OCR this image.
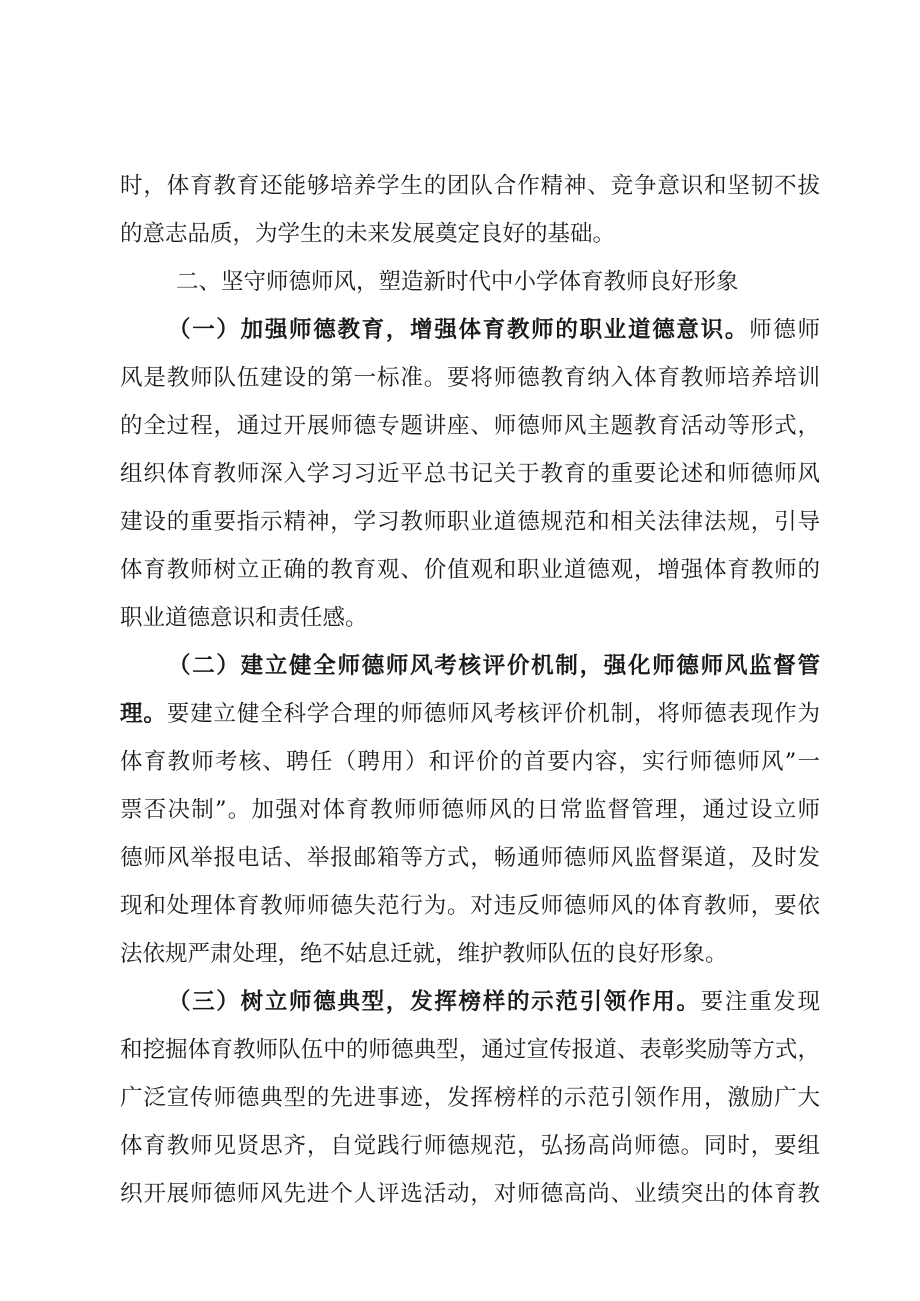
时，体育教育还能够培养学生的团队合作精神、竞争意识和坚韧不拔
的意志品质，为学生的未来发展奠定良好的基础。
二、坚守师德师风，塑造新时代中小学体育教师良好形象
（一）加强师德教育，增强体育教师的职业道德意识。师德师
风是教师队伍建设的第一标准。要将师德教育纳入体育教师培养培训
的全过程，通过开展师德专题讲座、师德师风主题教育活动等形式，
组织体育教师深入学习习近平总书记关于教育的重要论述和师德师风
建设的重要指示精神，学习教师职业道德规范和相关法律法规，引导
体育教师树立正确的教育观、价值观和职业道德观，增强体育教师的
职业道德意识和责任感。
（二）建立健全师德师风考核评价机制，强化师德师风监督管
理。要建立健全科学合理的师德师风考核评价机制，将师德表现作为
体育教师考核、聘任（聘用）和评价的首要内容，实行师德师风”一
票否决制”。加强对体育教师师德师风的日常监督管理，通过设立师
德师风举报电话、举报邮箱等方式，畅通师德师风监督渠道，及时发
现和处理体育教师师德失范行为。对违反师德师风的体育教师，要依
法依规严肃处理，绝不姑息迁就，维护教师队伍的良好形象。
（三）树立师德典型，发挥榜样的示范引领作用。要注重发现
和挖掘体育教师队伍中的师德典型，通过宣传报道、表彰奖励等方式，
广泛宣传师德典型的先进事迹，发挥榜样的示范引领作用，激励广大
体育教师见贤思齐，自觉践行师德规范，弘扬高尚师德。同时，要组
织开展师德师风先进个人评选活动，对师德高尚、业绩突出的体育教
